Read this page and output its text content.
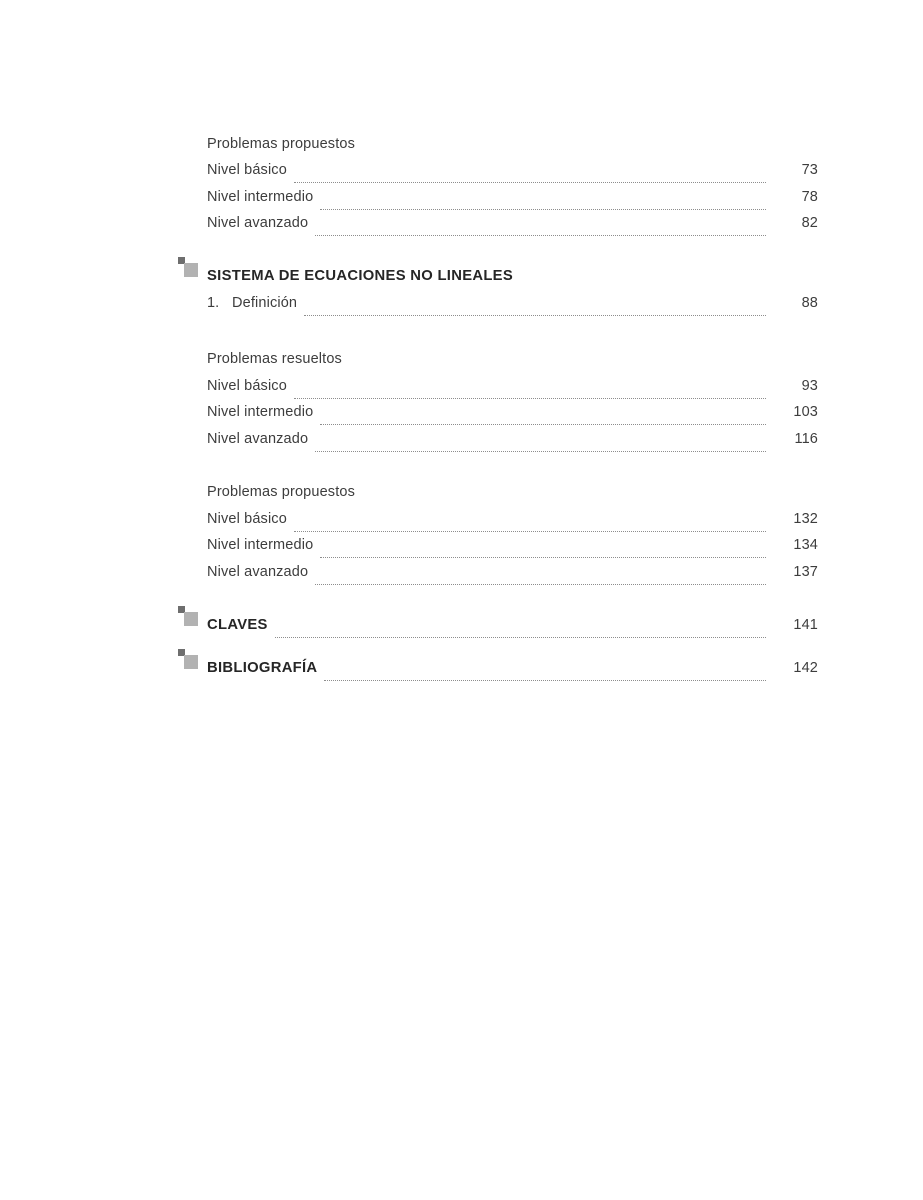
Problemas propuestos
Nivel básico	73
Nivel intermedio	78
Nivel avanzado	82
SISTEMA DE ECUACIONES NO LINEALES
1. Definición	88
Problemas resueltos
Nivel básico	93
Nivel intermedio	103
Nivel avanzado	116
Problemas propuestos
Nivel básico	132
Nivel intermedio	134
Nivel avanzado	137
CLAVES	141
BIBLIOGRAFÍA	142
